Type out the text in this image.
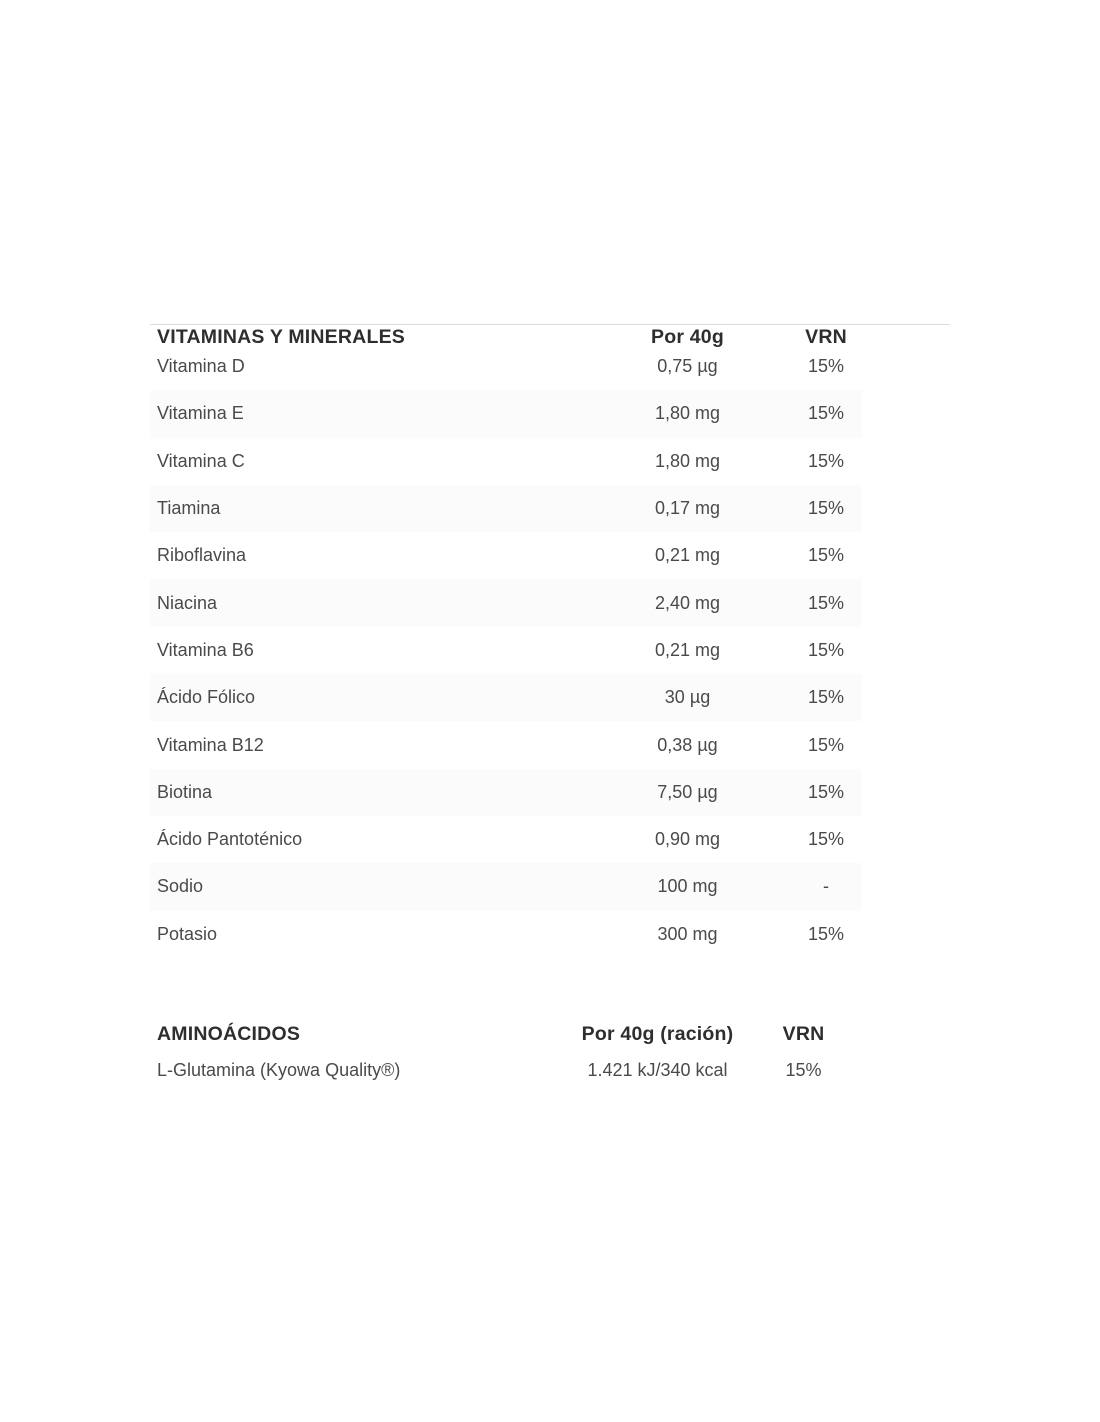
VITAMINAS Y MINERALES	Por 40g	VRN
Vitamina D	0,75 µg	15%
Vitamina E	1,80 mg	15%
Vitamina C	1,80 mg	15%
Tiamina	0,17 mg	15%
Riboflavina	0,21 mg	15%
Niacina	2,40 mg	15%
Vitamina B6	0,21 mg	15%
Ácido Fólico	30 µg	15%
Vitamina B12	0,38 µg	15%
Biotina	7,50 µg	15%
Ácido Pantoténico	0,90 mg	15%
Sodio	100 mg	-
Potasio	300 mg	15%
AMINOÁCIDOS	Por 40g (ración)	VRN
L-Glutamina (Kyowa Quality®)	1.421 kJ/340 kcal	15%
